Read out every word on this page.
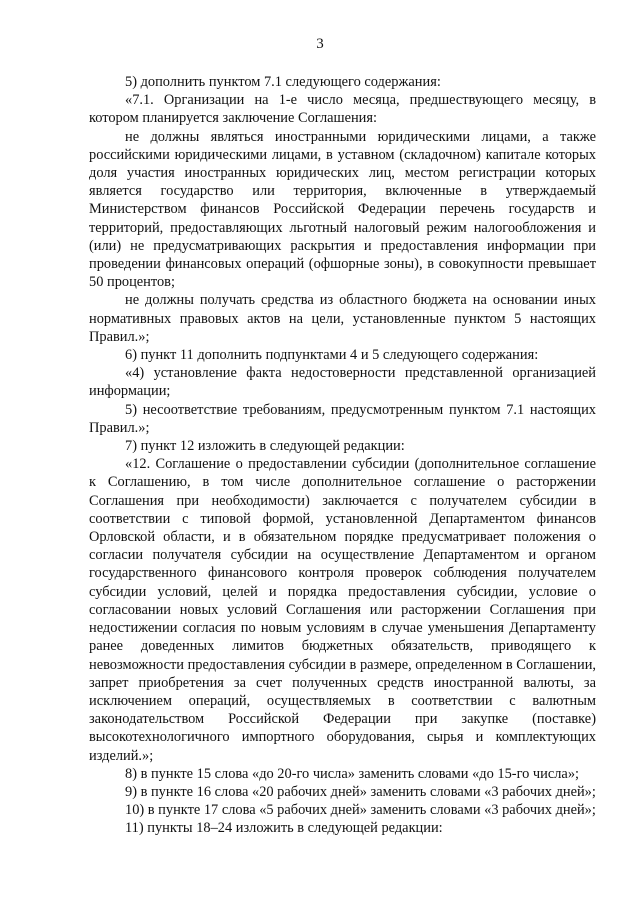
3

5) дополнить пунктом 7.1 следующего содержания:

«7.1. Организации на 1-е число месяца, предшествующего месяцу, в котором планируется заключение Соглашения:

не должны являться иностранными юридическими лицами, а также российскими юридическими лицами, в уставном (складочном) капитале которых доля участия иностранных юридических лиц, местом регистрации которых является государство или территория, включенные в утверждаемый Министерством финансов Российской Федерации перечень государств и территорий, предоставляющих льготный налоговый режим налогообложения и (или) не предусматривающих раскрытия и предоставления информации при проведении финансовых операций (офшорные зоны), в совокупности превышает 50 процентов;

не должны получать средства из областного бюджета на основании иных нормативных правовых актов на цели, установленные пунктом 5 настоящих Правил.»;

6) пункт 11 дополнить подпунктами 4 и 5 следующего содержания:

«4) установление факта недостоверности представленной организацией информации;

5) несоответствие требованиям, предусмотренным пунктом 7.1 настоящих Правил.»;

7) пункт 12 изложить в следующей редакции:

«12. Соглашение о предоставлении субсидии (дополнительное соглашение к Соглашению, в том числе дополнительное соглашение о расторжении Соглашения при необходимости) заключается с получателем субсидии в соответствии с типовой формой, установленной Департаментом финансов Орловской области, и в обязательном порядке предусматривает положения о согласии получателя субсидии на осуществление Департаментом и органом государственного финансового контроля проверок соблюдения получателем субсидии условий, целей и порядка предоставления субсидии, условие о согласовании новых условий Соглашения или расторжении Соглашения при недостижении согласия по новым условиям в случае уменьшения Департаменту ранее доведенных лимитов бюджетных обязательств, приводящего к невозможности предоставления субсидии в размере, определенном в Соглашении, запрет приобретения за счет полученных средств иностранной валюты, за исключением операций, осуществляемых в соответствии с валютным законодательством Российской Федерации при закупке (поставке) высокотехнологичного импортного оборудования, сырья и комплектующих изделий.»;

8) в пункте 15 слова «до 20-го числа» заменить словами «до 15-го числа»;

9) в пункте 16 слова «20 рабочих дней» заменить словами «3 рабочих дней»;

10) в пункте 17 слова «5 рабочих дней» заменить словами «3 рабочих дней»;

11) пункты 18–24 изложить в следующей редакции:
